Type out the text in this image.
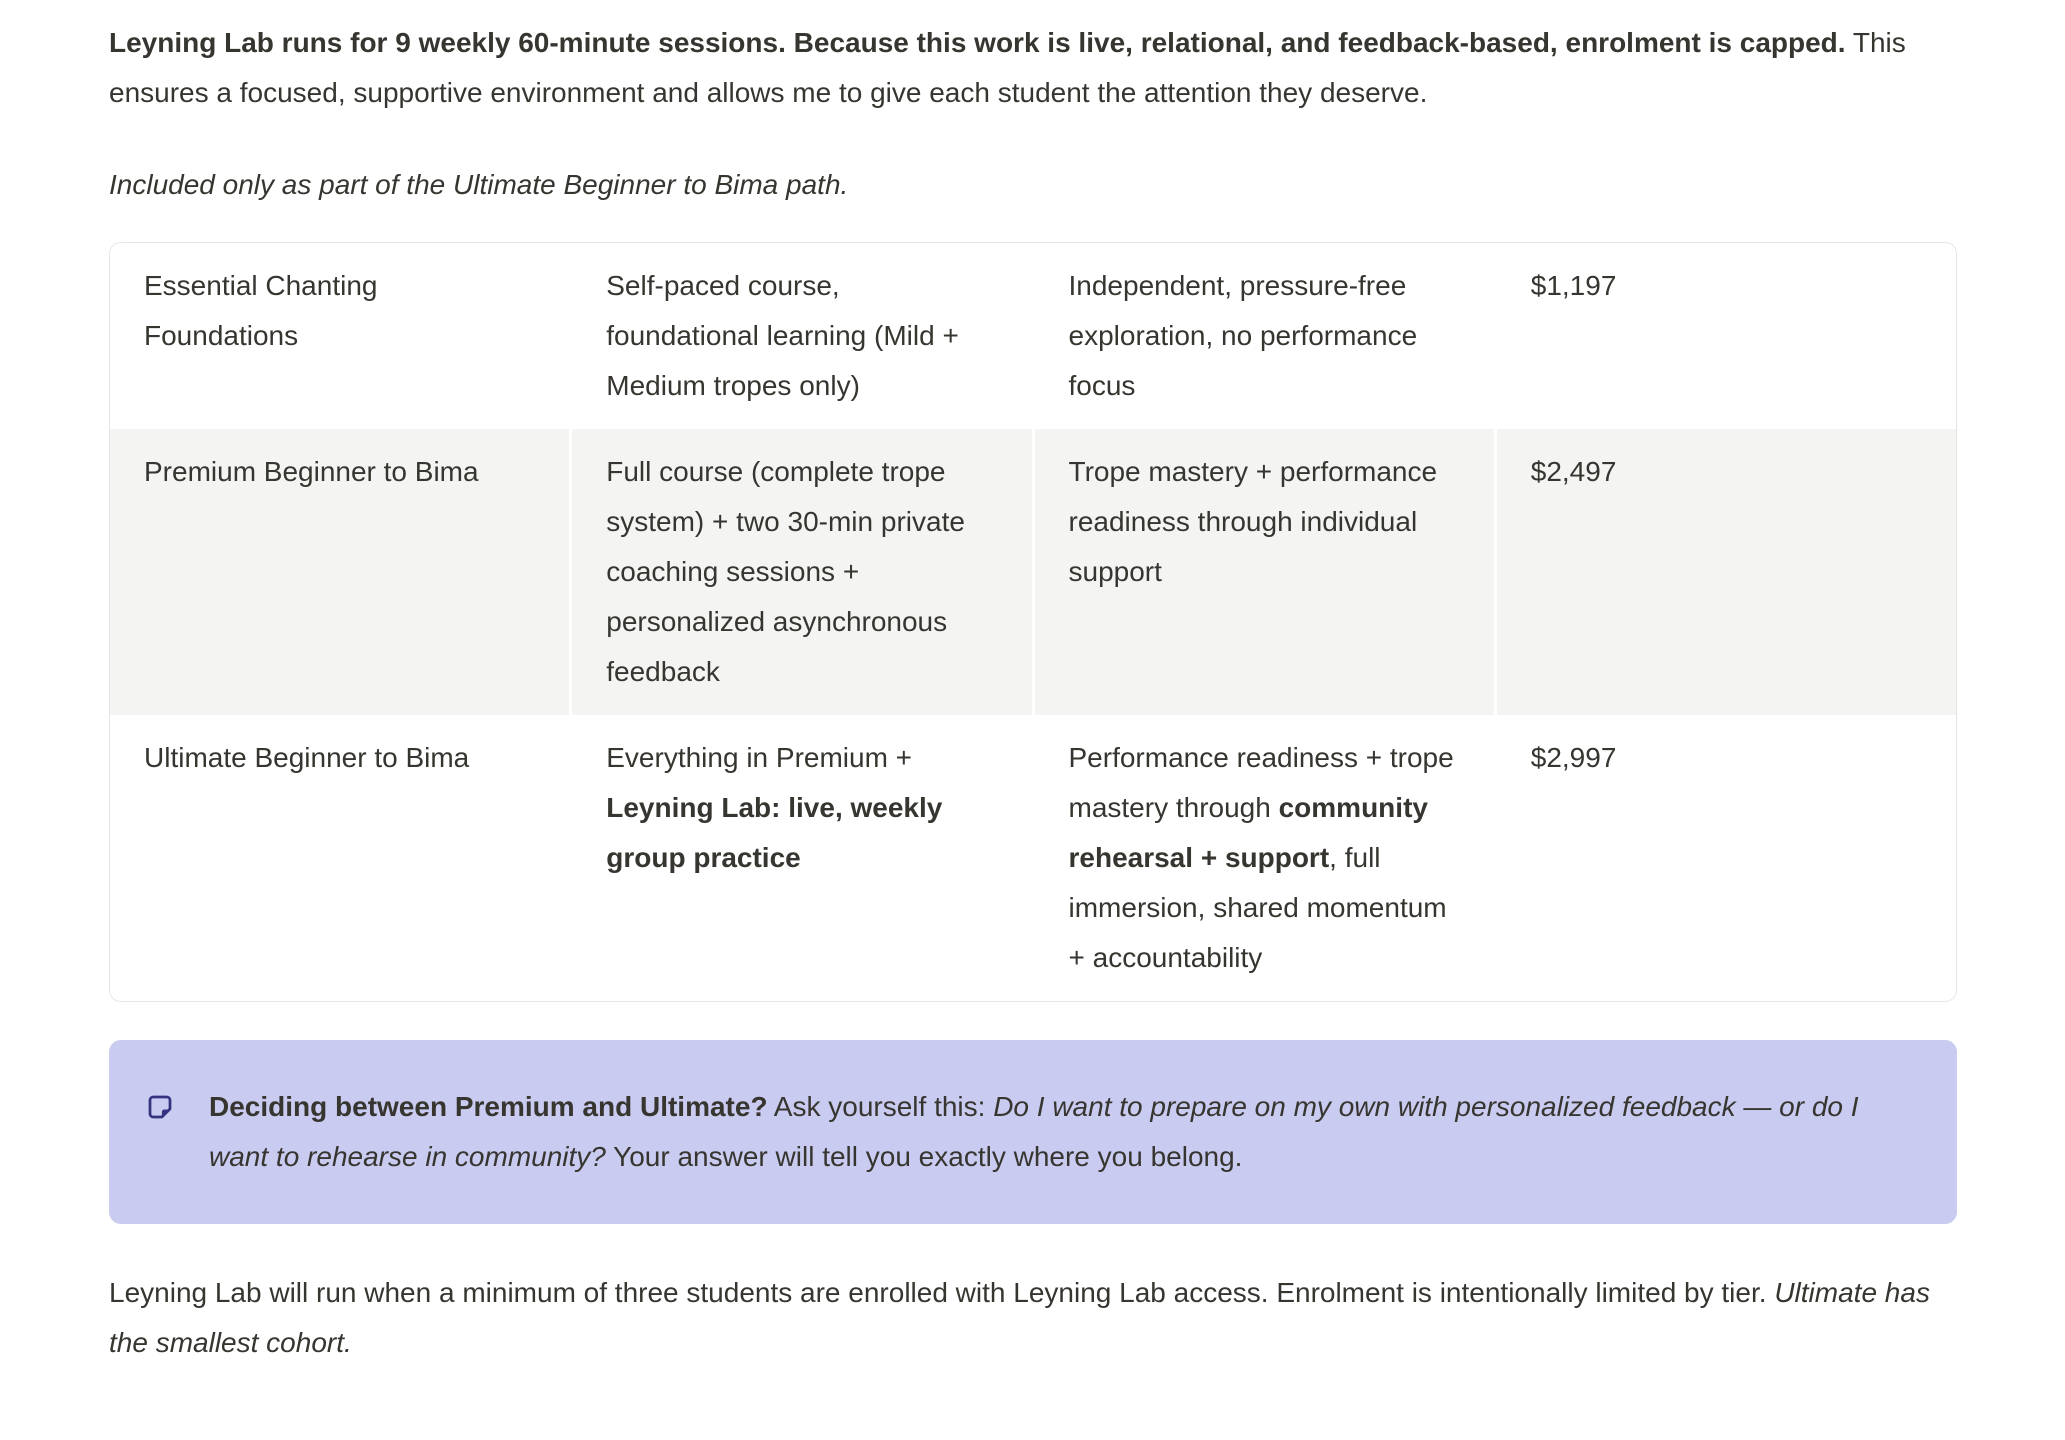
Leyning Lab runs for 9 weekly 60-minute sessions. Because this work is live, relational, and feedback-based, enrolment is capped. This ensures a focused, supportive environment and allows me to give each student the attention they deserve.

Included only as part of the Ultimate Beginner to Bima path.

Essential Chanting Foundations
Self-paced course, foundational learning (Mild + Medium tropes only)
Independent, pressure-free exploration, no performance focus
$1,197
Premium Beginner to Bima	Full course (complete trope system) + two 30-min private coaching sessions + personalized asynchronous feedback
Trope mastery + performance readiness through individual support
$2,497
Ultimate Beginner to Bima	Everything in Premium + Leyning Lab: live, weekly group practice
Performance readiness + trope mastery through community rehearsal + support, full immersion, shared momentum + accountability
$2,997

Deciding between Premium and Ultimate? Ask yourself this: Do I want to prepare on my own with personalized feedback — or do I want to rehearse in community? Your answer will tell you exactly where you belong.

Leyning Lab will run when a minimum of three students are enrolled with Leyning Lab access. Enrolment is intentionally limited by tier. Ultimate has the smallest cohort.
